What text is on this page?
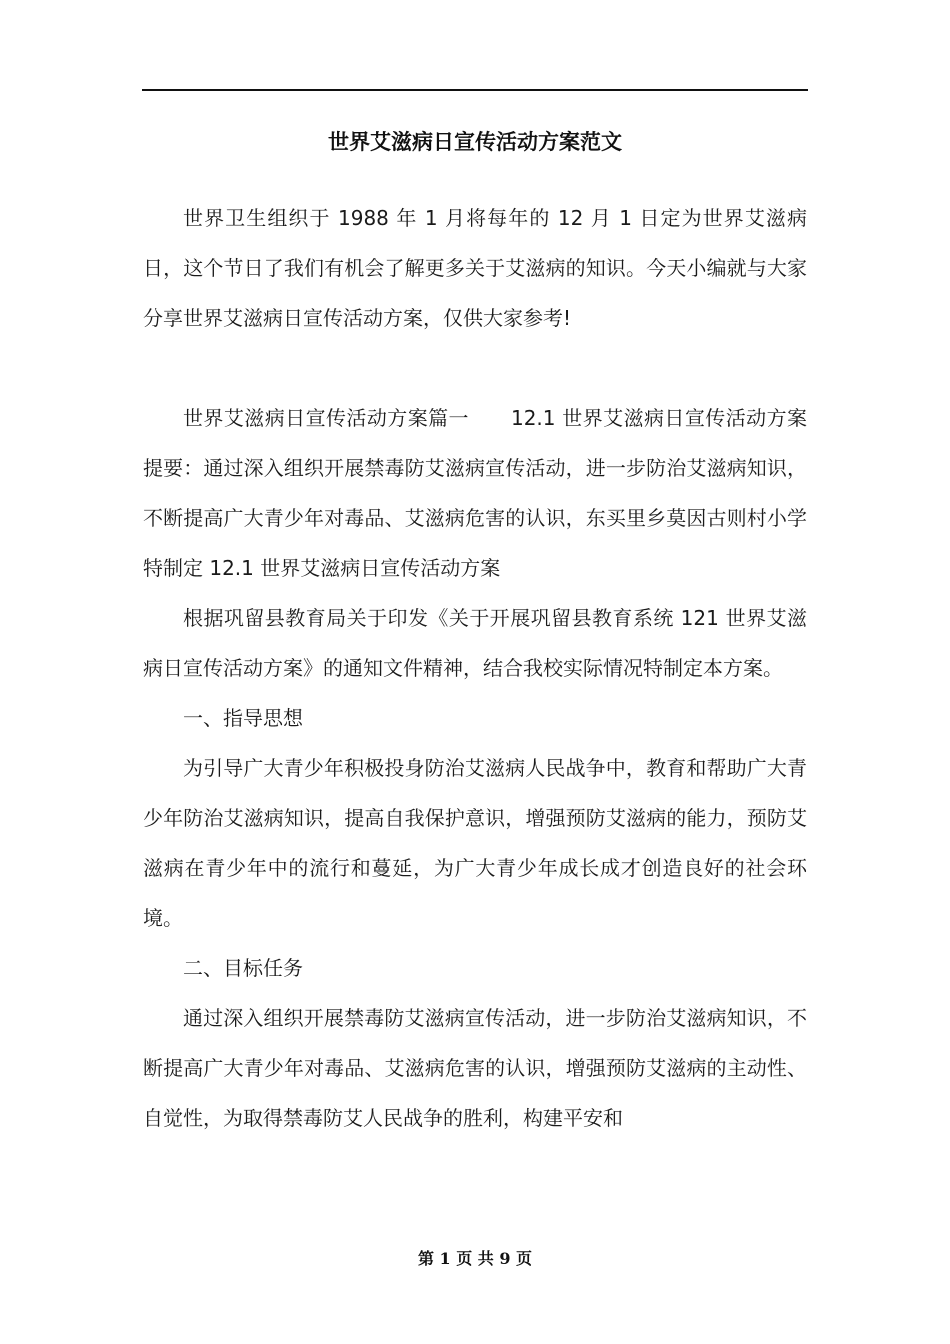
世界艾滋病日宣传活动方案范文

世界卫生组织于 1988 年 1 月将每年的 12 月 1 日定为世界艾滋病日，这个节日了我们有机会了解更多关于艾滋病的知识。今天小编就与大家分享世界艾滋病日宣传活动方案，仅供大家参考!

世界艾滋病日宣传活动方案篇一 12.1 世界艾滋病日宣传活动方案提要：通过深入组织开展禁毒防艾滋病宣传活动，进一步防治艾滋病知识，不断提高广大青少年对毒品、艾滋病危害的认识，东买里乡莫因古则村小学特制定 12.1 世界艾滋病日宣传活动方案

根据巩留县教育局关于印发《关于开展巩留县教育系统 121 世界艾滋病日宣传活动方案》的通知文件精神，结合我校实际情况特制定本方案。

一、指导思想

为引导广大青少年积极投身防治艾滋病人民战争中，教育和帮助广大青少年防治艾滋病知识，提高自我保护意识，增强预防艾滋病的能力，预防艾滋病在青少年中的流行和蔓延，为广大青少年成长成才创造良好的社会环境。

二、目标任务

通过深入组织开展禁毒防艾滋病宣传活动，进一步防治艾滋病知识，不断提高广大青少年对毒品、艾滋病危害的认识，增强预防艾滋病的主动性、自觉性，为取得禁毒防艾人民战争的胜利，构建平安和

第 1 页 共 9 页
